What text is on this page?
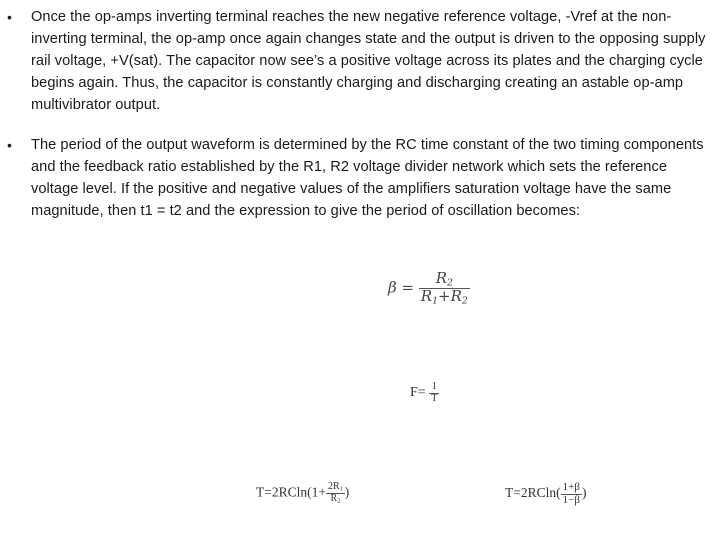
• Once the op-amps inverting terminal reaches the new negative reference voltage, -Vref at the non-inverting terminal, the op-amp once again changes state and the output is driven to the opposing supply rail voltage, +V(sat). The capacitor now see’s a positive voltage across its plates and the charging cycle begins again. Thus, the capacitor is constantly charging and discharging creating an astable op-amp multivibrator output.
• The period of the output waveform is determined by the RC time constant of the two timing components and the feedback ratio established by the R1, R2 voltage divider network which sets the reference voltage level. If the positive and negative values of the amplifiers saturation voltage have the same magnitude, then t1 = t2 and the expression to give the period of oscillation becomes:
$\beta = \frac{R_2}{R_1+R_2}$
$F= \frac{1}{T}$
$T=2RCln(1+ \frac{2R_1}{R_2}$ )	$T=2RCln( \frac{1+\beta}{1-\beta}$ )
